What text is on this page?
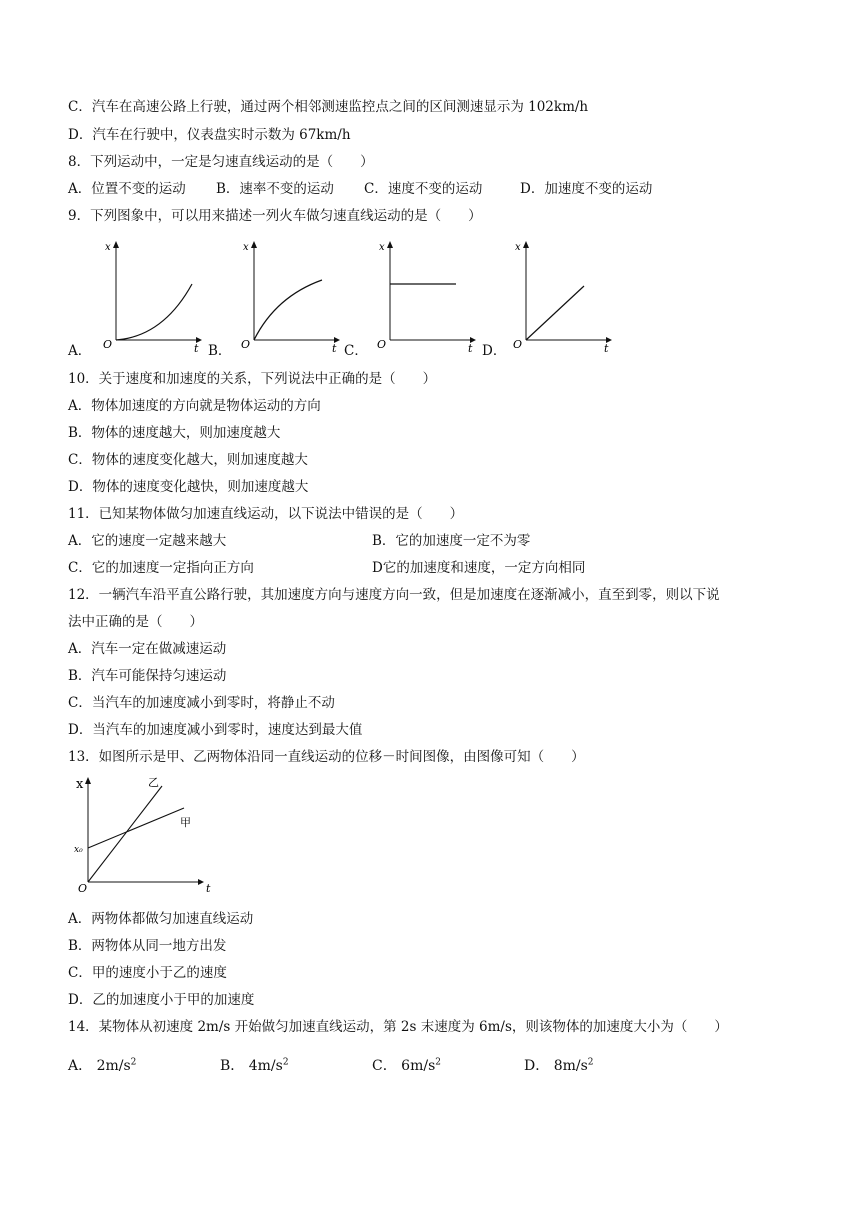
C．汽车在高速公路上行驶，通过两个相邻测速监控点之间的区间测速显示为 102km/h
D．汽车在行驶中，仪表盘实时示数为 67km/h
8．下列运动中，一定是匀速直线运动的是（　　）
A．位置不变的运动 B．速率不变的运动 C．速度不变的运动	D．加速度不变的运动
9．下列图象中，可以用来描述一列火车做匀速直线运动的是（　　）
A．	B．	C．	D．
x
O	t
x
O	t
x
O	t
x
O	t
10．关于速度和加速度的关系，下列说法中正确的是（　　）
A．物体加速度的方向就是物体运动的方向
B．物体的速度越大，则加速度越大
C．物体的速度变化越大，则加速度越大
D．物体的速度变化越快，则加速度越大
11．已知某物体做匀加速直线运动，以下说法中错误的是（　　）
A．它的速度一定越来越大	B．它的加速度一定不为零
C．它的加速度一定指向正方向	D它的加速度和速度，一定方向相同
12．一辆汽车沿平直公路行驶，其加速度方向与速度方向一致，但是加速度在逐渐减小，直至到零，则以下说
法中正确的是（　　）
A．汽车一定在做减速运动
B．汽车可能保持匀速运动
C．当汽车的加速度减小到零时，将静止不动
D．当汽车的加速度减小到零时，速度达到最大值
13．如图所示是甲、乙两物体沿同一直线运动的位移－时间图像，由图像可知（　　）
x
t
O
x₀
乙
甲
A．两物体都做匀加速直线运动
B．两物体从同一地方出发
C．甲的速度小于乙的速度
D．乙的加速度小于甲的加速度
14．某物体从初速度 2m/s 开始做匀加速直线运动，第 2s 末速度为 6m/s，则该物体的加速度大小为（　　）
A． $2m/s^2$	B． $4m/s^2$	C． $6m/s^2$	D． $8m/s^2$
